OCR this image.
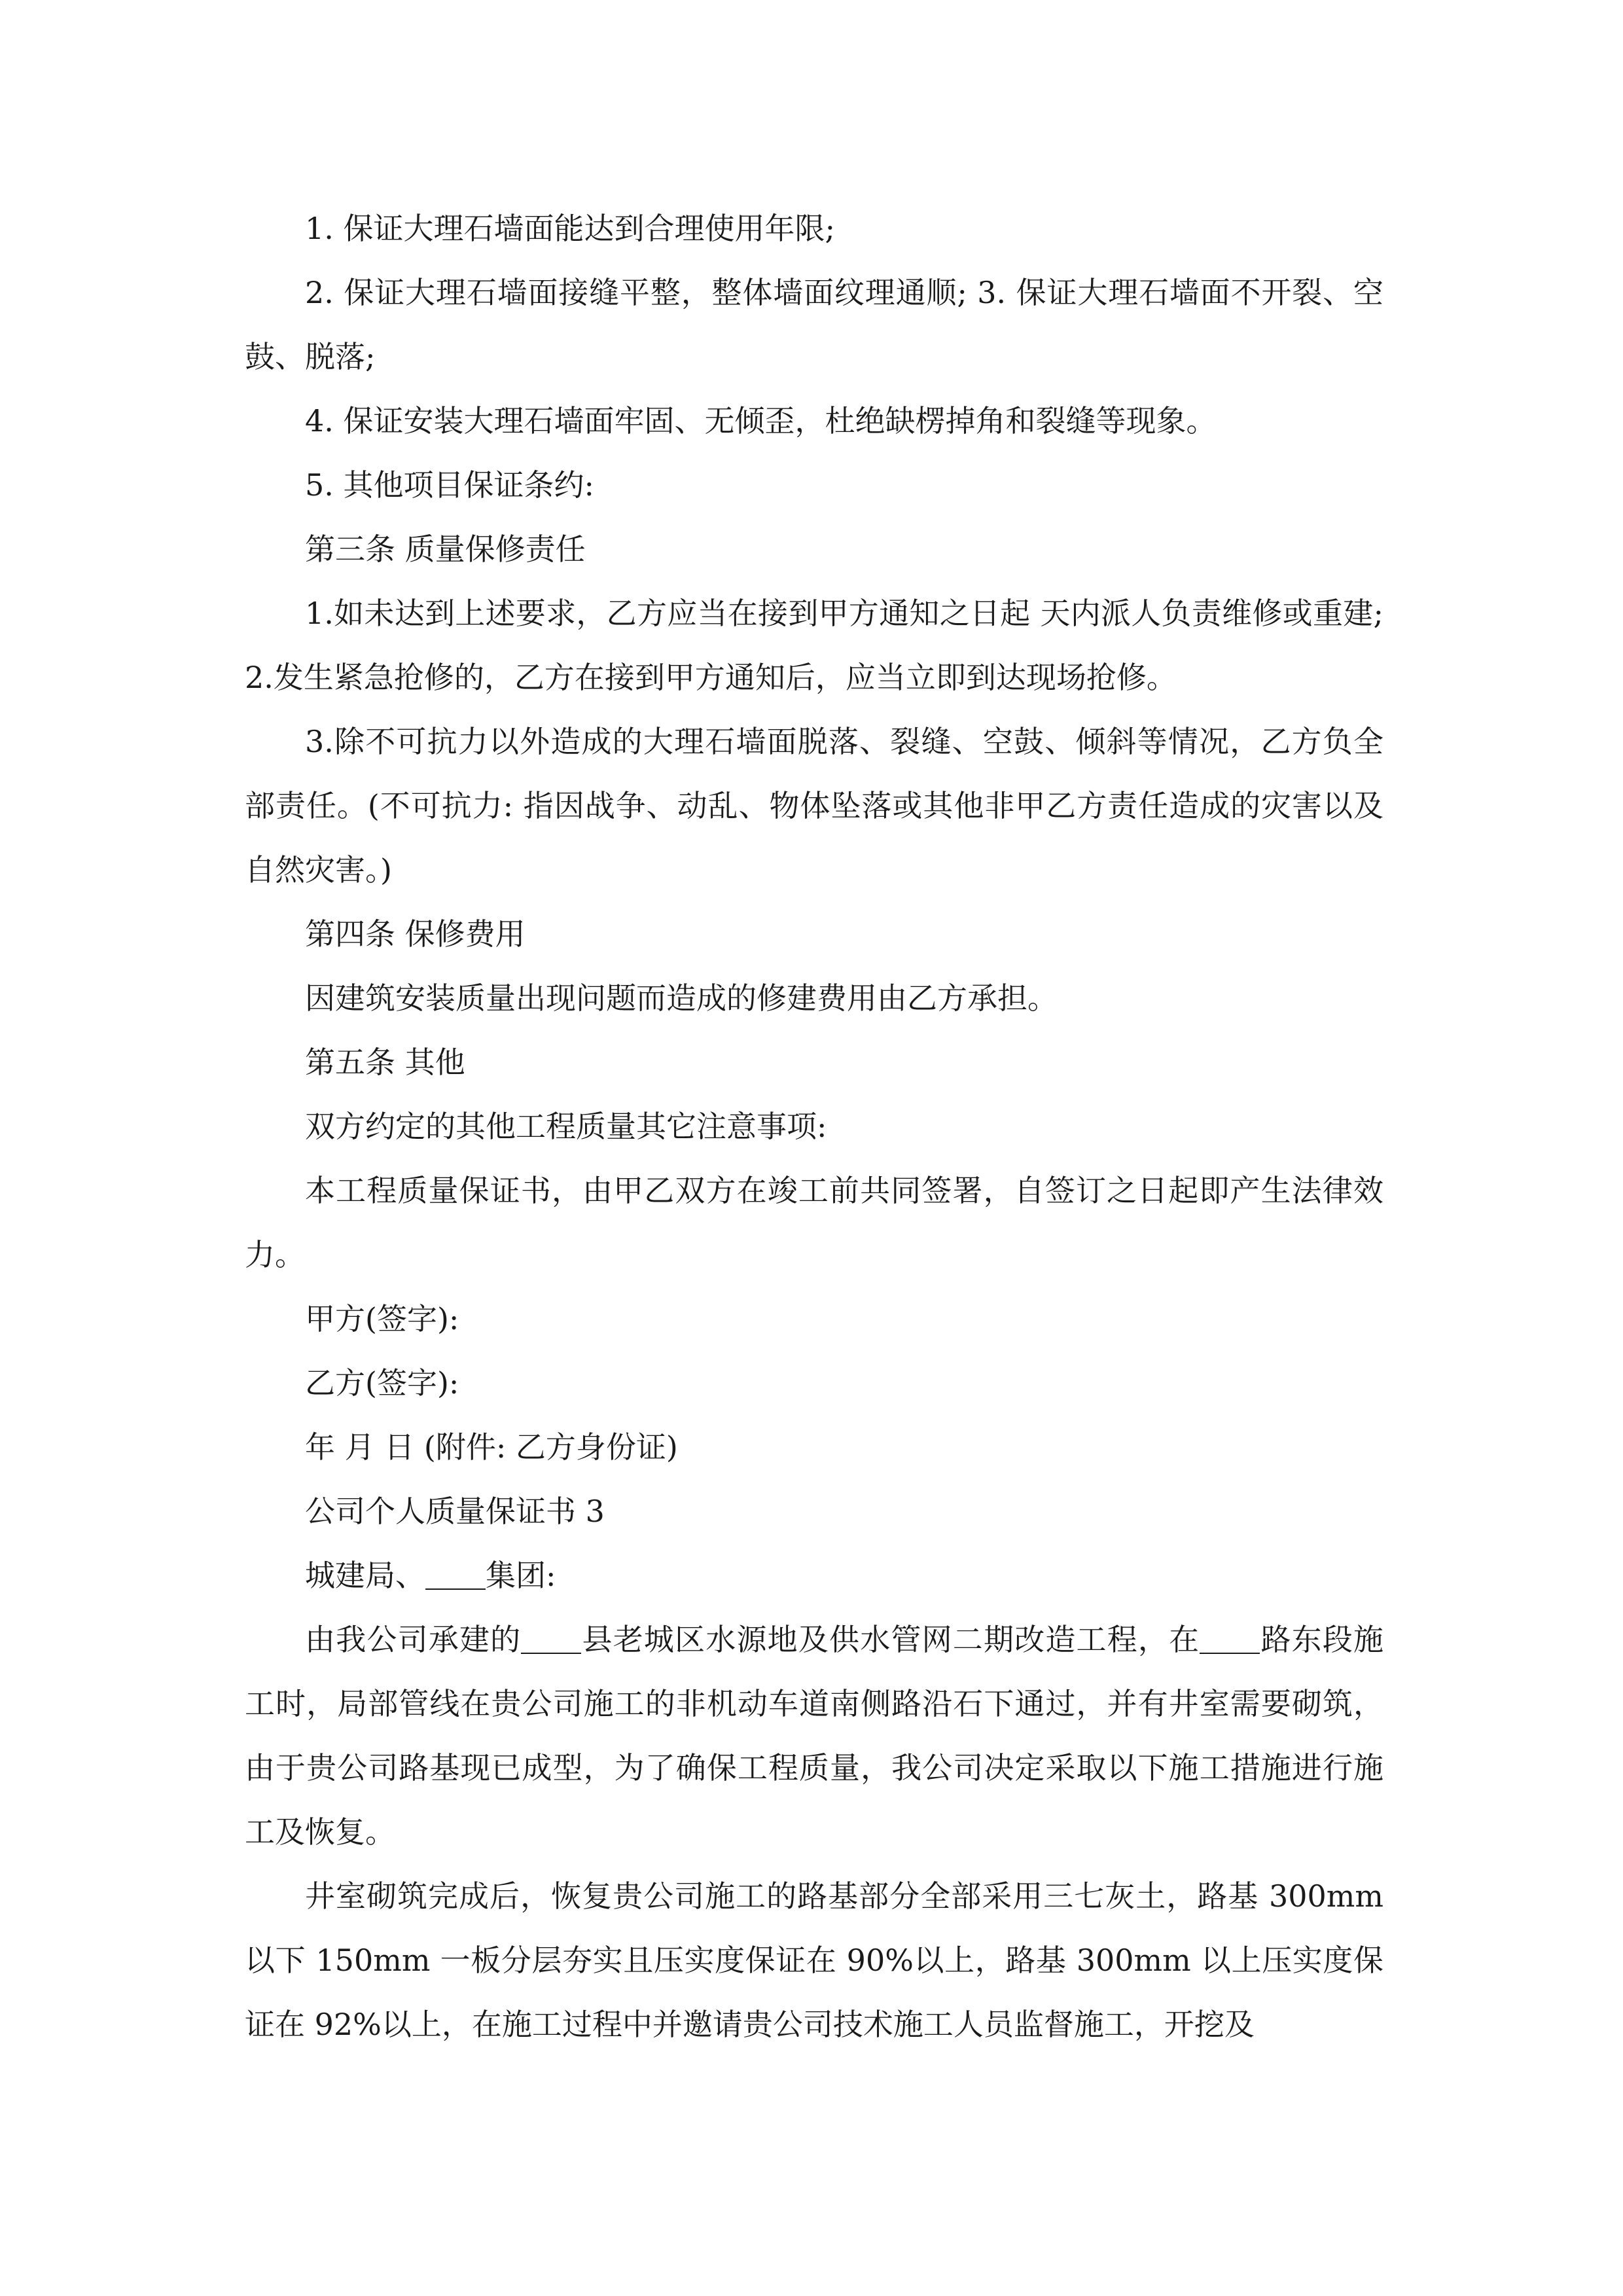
1. 保证大理石墙面能达到合理使用年限;

2. 保证大理石墙面接缝平整，整体墙面纹理通顺; 3. 保证大理石墙面不开裂、空鼓、脱落;

4. 保证安装大理石墙面牢固、无倾歪，杜绝缺楞掉角和裂缝等现象。

5. 其他项目保证条约:

第三条 质量保修责任

1.如未达到上述要求，乙方应当在接到甲方通知之日起 天内派人负责维修或重建; 2.发生紧急抢修的，乙方在接到甲方通知后，应当立即到达现场抢修。

3.除不可抗力以外造成的大理石墙面脱落、裂缝、空鼓、倾斜等情况，乙方负全部责任。(不可抗力: 指因战争、动乱、物体坠落或其他非甲乙方责任造成的灾害以及自然灾害。)

第四条 保修费用

因建筑安装质量出现问题而造成的修建费用由乙方承担。

第五条 其他

双方约定的其他工程质量其它注意事项:

本工程质量保证书，由甲乙双方在竣工前共同签署，自签订之日起即产生法律效力。

甲方(签字):

乙方(签字):

年 月 日 (附件: 乙方身份证)

公司个人质量保证书 3

城建局、 集团:

由我公司承建的 县老城区水源地及供水管网二期改造工程，在 路东段施工时，局部管线在贵公司施工的非机动车道南侧路沿石下通过，并有井室需要砌筑，由于贵公司路基现已成型，为了确保工程质量，我公司决定采取以下施工措施进行施工及恢复。

井室砌筑完成后，恢复贵公司施工的路基部分全部采用三七灰土，路基 300mm 以下 150mm 一板分层夯实且压实度保证在 90%以上，路基 300mm 以上压实度保证在 92%以上，在施工过程中并邀请贵公司技术施工人员监督施工，开挖及
